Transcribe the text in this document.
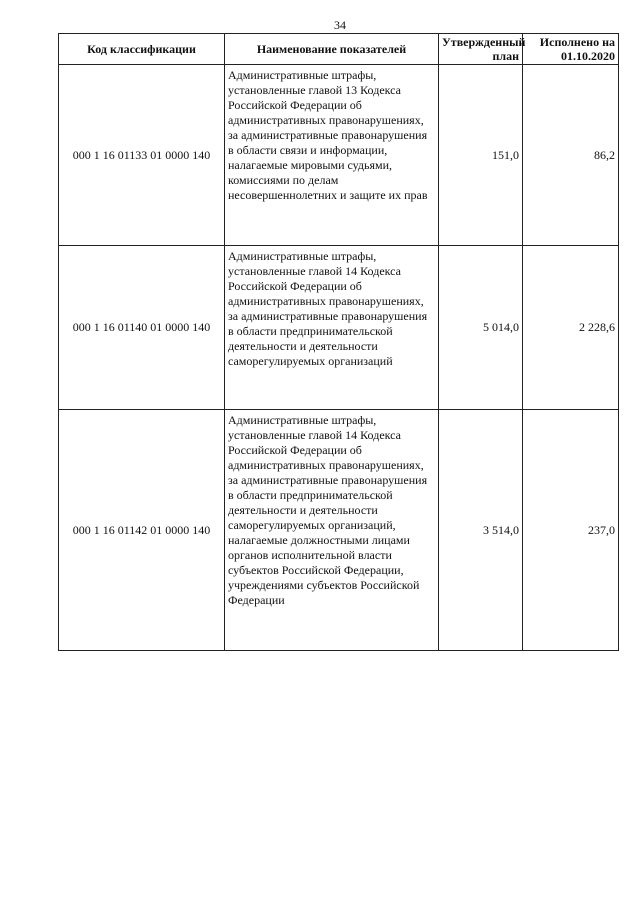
34
Код классификации	Наименование показателей	Утвержденный план	Исполнено на 01.10.2020
000 1 16 01133 01 0000 140	Административные штрафы, установленные главой 13 Кодекса Российской Федерации об административных правонарушениях, за административные правонарушения в области связи и информации, налагаемые мировыми судьями, комиссиями по делам несовершеннолетних и защите их прав	151,0	86,2
000 1 16 01140 01 0000 140	Административные штрафы, установленные главой 14 Кодекса Российской Федерации об административных правонарушениях, за административные правонарушения в области предпринимательской деятельности и деятельности саморегулируемых организаций	5 014,0	2 228,6
000 1 16 01142 01 0000 140	Административные штрафы, установленные главой 14 Кодекса Российской Федерации об административных правонарушениях, за административные правонарушения в области предпринимательской деятельности и деятельности саморегулируемых организаций, налагаемые должностными лицами органов исполнительной власти субъектов Российской Федерации, учреждениями субъектов Российской Федерации	3 514,0	237,0
